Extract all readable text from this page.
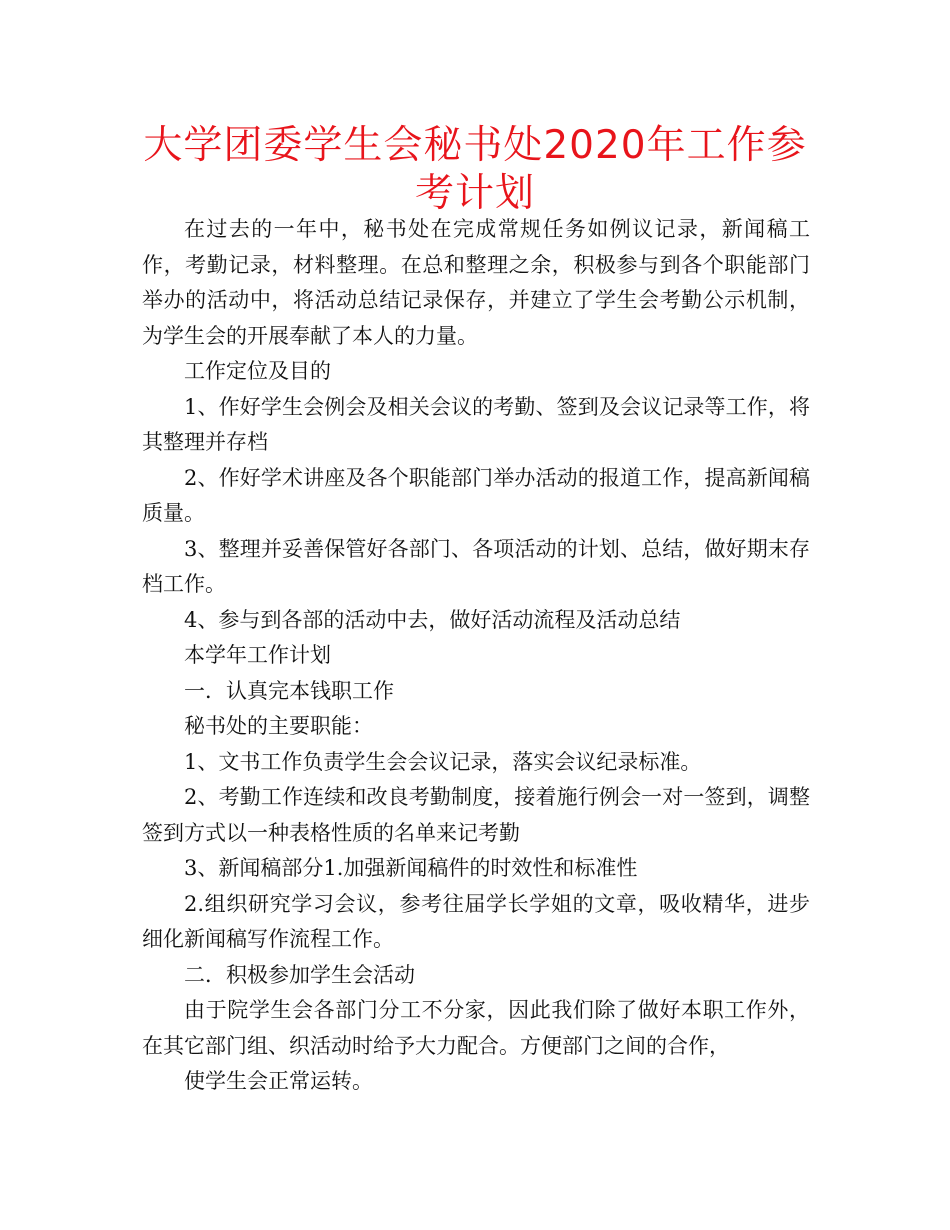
大学团委学生会秘书处2020年工作参考计划

在过去的一年中，秘书处在完成常规任务如例议记录，新闻稿工作，考勤记录，材料整理。在总和整理之余，积极参与到各个职能部门举办的活动中，将活动总结记录保存，并建立了学生会考勤公示机制，为学生会的开展奉献了本人的力量。

工作定位及目的

1、作好学生会例会及相关会议的考勤、签到及会议记录等工作，将其整理并存档

2、作好学术讲座及各个职能部门举办活动的报道工作，提高新闻稿质量。

3、整理并妥善保管好各部门、各项活动的计划、总结，做好期末存档工作。

4、参与到各部的活动中去，做好活动流程及活动总结

本学年工作计划

一．认真完本钱职工作

秘书处的主要职能：

1、文书工作负责学生会会议记录，落实会议纪录标准。

2、考勤工作连续和改良考勤制度，接着施行例会一对一签到，调整签到方式以一种表格性质的名单来记考勤

3、新闻稿部分1.加强新闻稿件的时效性和标准性

2.组织研究学习会议，参考往届学长学姐的文章，吸收精华，进步细化新闻稿写作流程工作。

二．积极参加学生会活动

由于院学生会各部门分工不分家，因此我们除了做好本职工作外，在其它部门组、织活动时给予大力配合。方便部门之间的合作，

使学生会正常运转。
